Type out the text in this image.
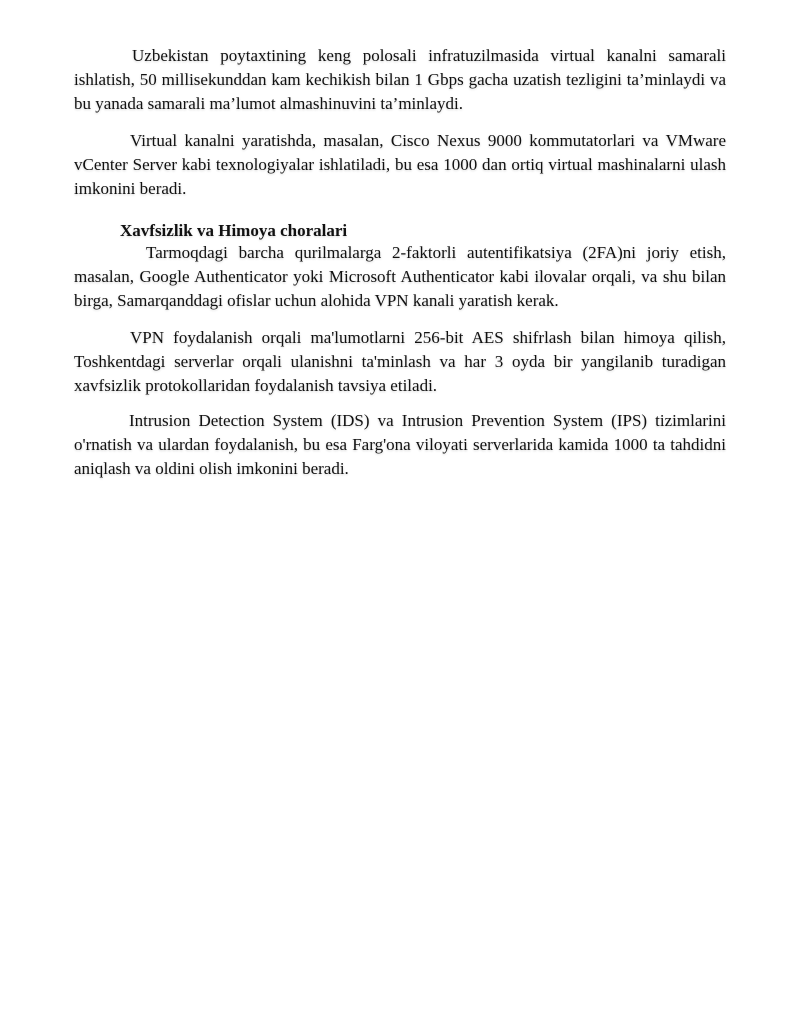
Uzbekistan poytaxtining keng polosali infratuzilmasida virtual kanalni samarali ishlatish, 50 millisekunddan kam kechikish bilan 1 Gbps gacha uzatish tezligini ta’minlaydi va bu yanada samarali ma’lumot almashinuvini ta’minlaydi.

Virtual kanalni yaratishda, masalan, Cisco Nexus 9000 kommutatorlari va VMware vCenter Server kabi texnologiyalar ishlatiladi, bu esa 1000 dan ortiq virtual mashinalarni ulash imkonini beradi.

Xavfsizlik va Himoya choralari

Tarmoqdagi barcha qurilmalarga 2-faktorli autentifikatsiya (2FA)ni joriy etish, masalan, Google Authenticator yoki Microsoft Authenticator kabi ilovalar orqali, va shu bilan birga, Samarqanddagi ofislar uchun alohida VPN kanali yaratish kerak.

VPN foydalanish orqali ma'lumotlarni 256-bit AES shifrlash bilan himoya qilish, Toshkentdagi serverlar orqali ulanishni ta'minlash va har 3 oyda bir yangilanib turadigan xavfsizlik protokollaridan foydalanish tavsiya etiladi.

Intrusion Detection System (IDS) va Intrusion Prevention System (IPS) tizimlarini o'rnatish va ulardan foydalanish, bu esa Farg'ona viloyati serverlarida kamida 1000 ta tahdidni aniqlash va oldini olish imkonini beradi.
